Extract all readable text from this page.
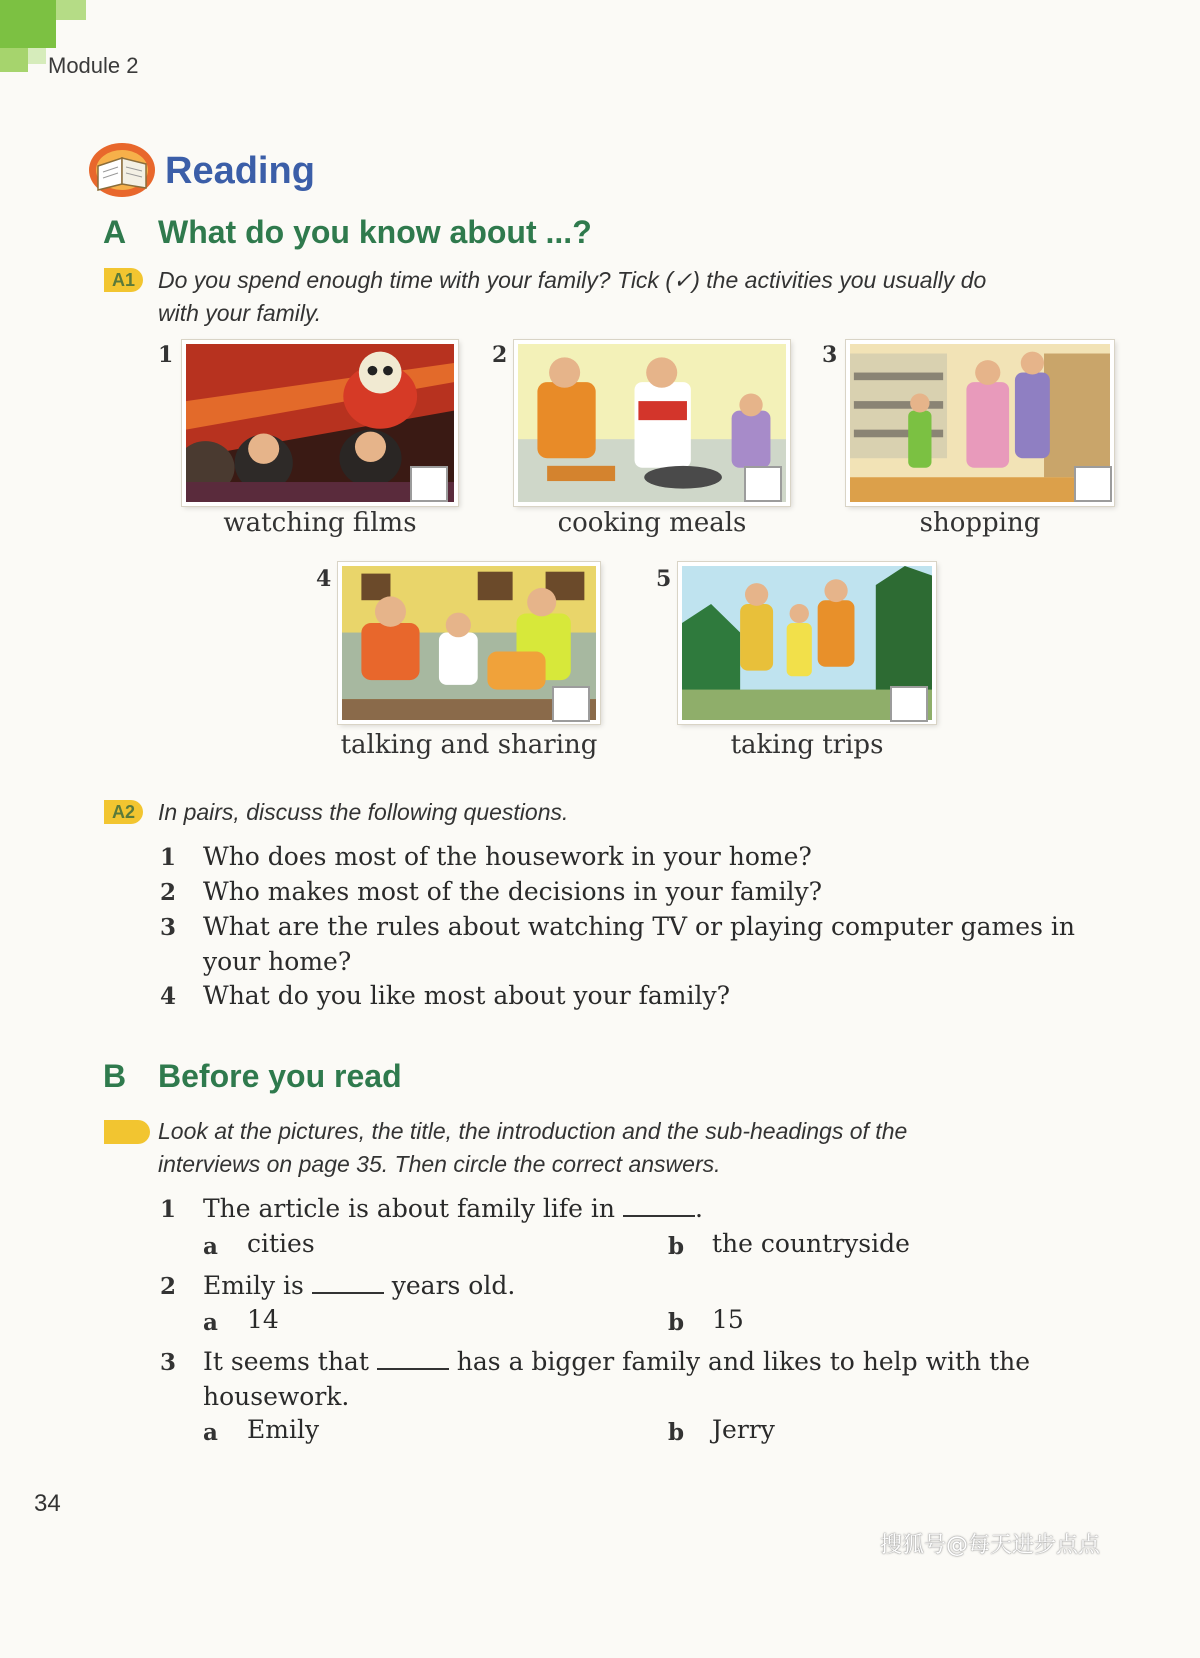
Module 2
Reading
A What do you know about ...?
A1 Do you spend enough time with your family? Tick (✓) the activities you usually do
with your family.
1
watching films
2
cooking meals
3
shopping
4
talking and sharing
5
taking trips
A2 In pairs, discuss the following questions.
1 Who does most of the housework in your home?
2 Who makes most of the decisions in your family?
3 What are the rules about watching TV or playing computer games in
your home?
4 What do you like most about your family?
B Before you read
Look at the pictures, the title, the introduction and the sub-headings of the
interviews on page 35. Then circle the correct answers.
1 The article is about family life in	.
a cities	b the countryside
2 Emily is	years old.
a 14	b 15
3 It seems that	has a bigger family and likes to help with the
housework.
a Emily	b Jerry
34
搜狐号@每天进步点点
